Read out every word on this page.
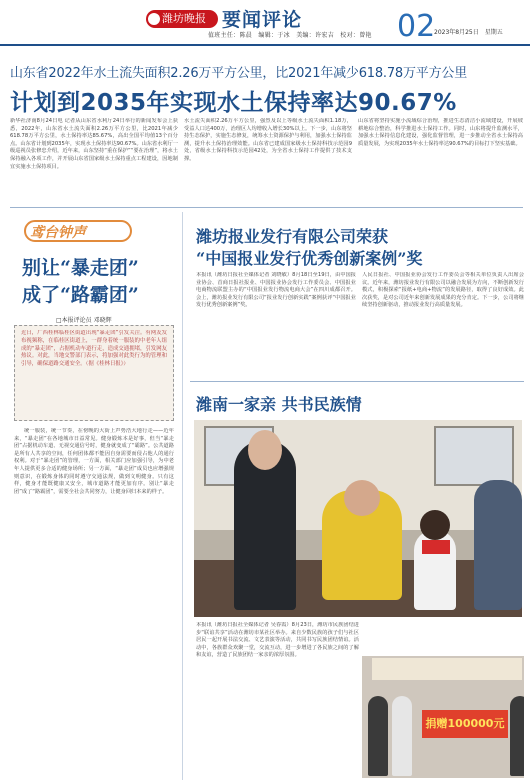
潍坊晚报 要闻评论
值班主任：陈晨　编辑：于冰　美编：许宏吉　校对：曾艳 02
2023年8月25日　星期五
山东省2022年水土流失面积2.26万平方公里，比2021年减少618.78万平方公里
计划到2035年实现水土保持率达90.67%
新华社济南8月24日电 记者从山东省水利厅24日举行的新闻发布会上获悉，2022年，山东省水土流失面积2.26万平方公里，比2021年减少618.78万平方公里，水土保持率达85.67%，高出全国平均值13个百分点。山东省计划到2035年，实现水土保持率达90.67%。山东省水利厅一级巡视员张修忠介绍，近年来，山东坚持“重在保护”“要在治理”，将水土保持融入各项工作，并开展山东省国家级水土保持重点工程建设，因地制宜实施水土保持项目。
水土流失面积2.26万平方公里，强烈及以上等级水土流失面积1.18万，受益人口达400万，治理区人均增收入增长30%以上。下一步，山东将坚持生态保护，实施生态修复，统筹水土资源保护与利用，加强水土保持监测，提升水土保持治理效能。山东省已建成国家级水土保持科技示范园9处，省级水土保持科技示范园42处，为全省水土保持工作提供了技术支撑。
山东省将坚持实施小流域综合治理，推进生态清洁小流域建设，开展坡耕地综合整治，科学推进水土保持工作。同时，山东将提升监测水平，加强水土保持信息化建设，强化监督管理，进一步推动全省水土保持高质量发展，为实现2035年水土保持率达90.67%的目标打下坚实基础。
鸢台钟声
别让“暴走团”
成了“路霸团”
□本报评论员 邓晓辉
近日，广西桂林临桂区街道出现“暴走团”引发关注。有网友发布视频称，在临桂区街道上，一群身着统一服装的中老年人组成的“暴走团”，占据机动车道行走，造成交通拥堵，引发网友热议。对此，当地交警部门表示，将加强对此类行为的管理和引导，确保道路交通安全。（据《桂林日报》）
统一服装，统一节奏，在傍晚的大街上声势浩大地行走——近年来，“暴走团”在各地城市日益常见。健身锻炼本是好事，但当“暴走团”占据机动车道、无视交通信号时，健身就变成了“霸路”。公共道路是所有人共享的空间，任何团体都不能因自身需要而侵占他人的通行权利。对于“暴走团”的管理，一方面，相关部门应加强引导，为中老年人提供更多合适的健身场所；另一方面，“暴走团”成员也应增强规则意识，在锻炼身体的同时遵守交通法规，做到文明健身。只有这样，健身才能既健康又安全，城市道路才能更加有序。别让“暴走团”成了“路霸团”，需要全社会共同努力，让健身回归本来的样子。
潍坊报业发行有限公司荣获
“中国报业发行优秀创新案例”奖
本报讯（潍坊日报社全媒体记者 刘晓敏）8月18日至19日，由中国报业协会、首商日报社报业、中国报业协会发行工作委员会、中国报业电商物流联盟主办的“中国报业发行物流电商大会”在四川成都召开。会上，潍坊报业发行有限公司“报业发行创新实践”案例获评“中国报业发行优秀创新案例”奖。
人民日报社、中国报业协会发行工作委员会等相关单位负责人出席会议。近年来，潍坊报业发行有限公司以融合发展为方向，不断创新发行模式，积极探索“报纸+电商+物流”的发展路径，取得了良好成效。此次获奖，是对公司近年来创新发展成果的充分肯定。下一步，公司将继续坚持创新驱动，推动报业发行高质量发展。
潍南一家亲 共书民族情
本报讯（潍坊日报社全媒体记者 吴春霞）8月23日，潍坊市民族团结进步“联谊共享”活动在潍坊市某社区举办。来自少数民族的孩子们与社区居民一起开展书法交流、文艺表演等活动，共同书写民族团结情谊。活动中，各族群众欢聚一堂，交流互动，进一步增进了各民族之间的了解和友谊，营造了民族团结一家亲的浓厚氛围。
捐赠100000元
